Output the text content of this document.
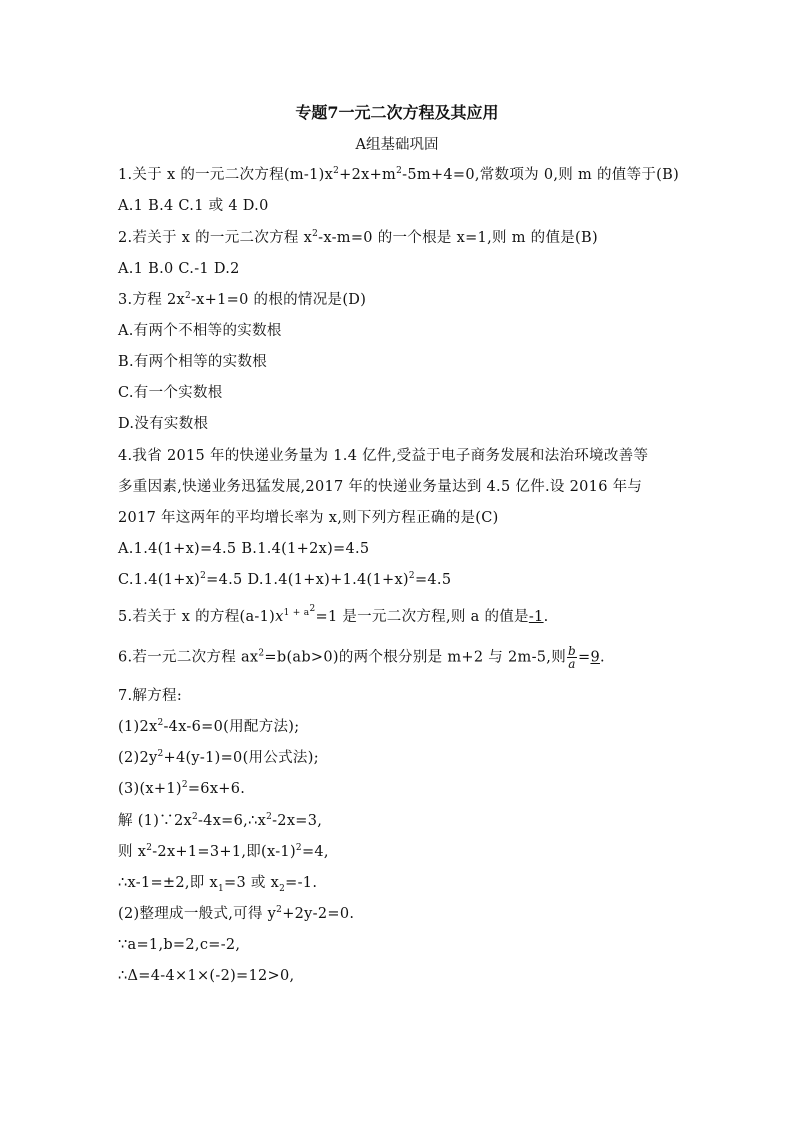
专题7一元二次方程及其应用
A组基础巩固
1.关于 x 的一元二次方程$(m-1)x^2+2x+m^2-5m+4=0$,常数项为 0,则 m 的值等于(B)
A.1 B.4 C.1 或 4 D.0
2.若关于 x 的一元二次方程 $x^2-x-m=0$ 的一个根是 x=1,则 m 的值是(B)
A.1 B.0 C.-1 D.2
3.方程 $2x^2-x+1=0$ 的根的情况是(D)
A.有两个不相等的实数根
B.有两个相等的实数根
C.有一个实数根
D.没有实数根
4.我省 2015 年的快递业务量为 1.4 亿件,受益于电子商务发展和法治环境改善等
多重因素,快递业务迅猛发展,2017 年的快递业务量达到 4.5 亿件.设 2016 年与
2017 年这两年的平均增长率为 x,则下列方程正确的是(C)
A.1.4(1+x)=4.5 B.1.4(1+2x)=4.5
$C.1.4(1+x)^2=4.5$ $D.1.4(1+x)+1.4(1+x)^2=4.5$
5.若关于 x 的方程$(a-1)x^{1 + a^2}=1$ 是一元二次方程,则 a 的值是-1.
6.若一元二次方程 $ax^2=b(ab>0)$的两个根分别是 m+2 与 2m-5,则 $\frac{b}{a} =9$.
7.解方程:
$(1)2x^2-4x-6=0$(用配方法);
$(2)2y^2+4(y-1)=0$(用公式法);
$(3)(x+1)^2=6x+6$.
解 $(1)\because 2x^2-4x=6,\therefore x^2-2x=3$,
则 $x^2-2x+1=3+1$,即$(x-1)^2=4$,
∴x-1=±2,即 $x_1=3$ 或 $x_2=-1$.
(2)整理成一般式,可得 $y^2+2y-2=0$.
∵a=1,b=2,c=-2,
∴Δ=4-4×1×(-2)=12>0,
